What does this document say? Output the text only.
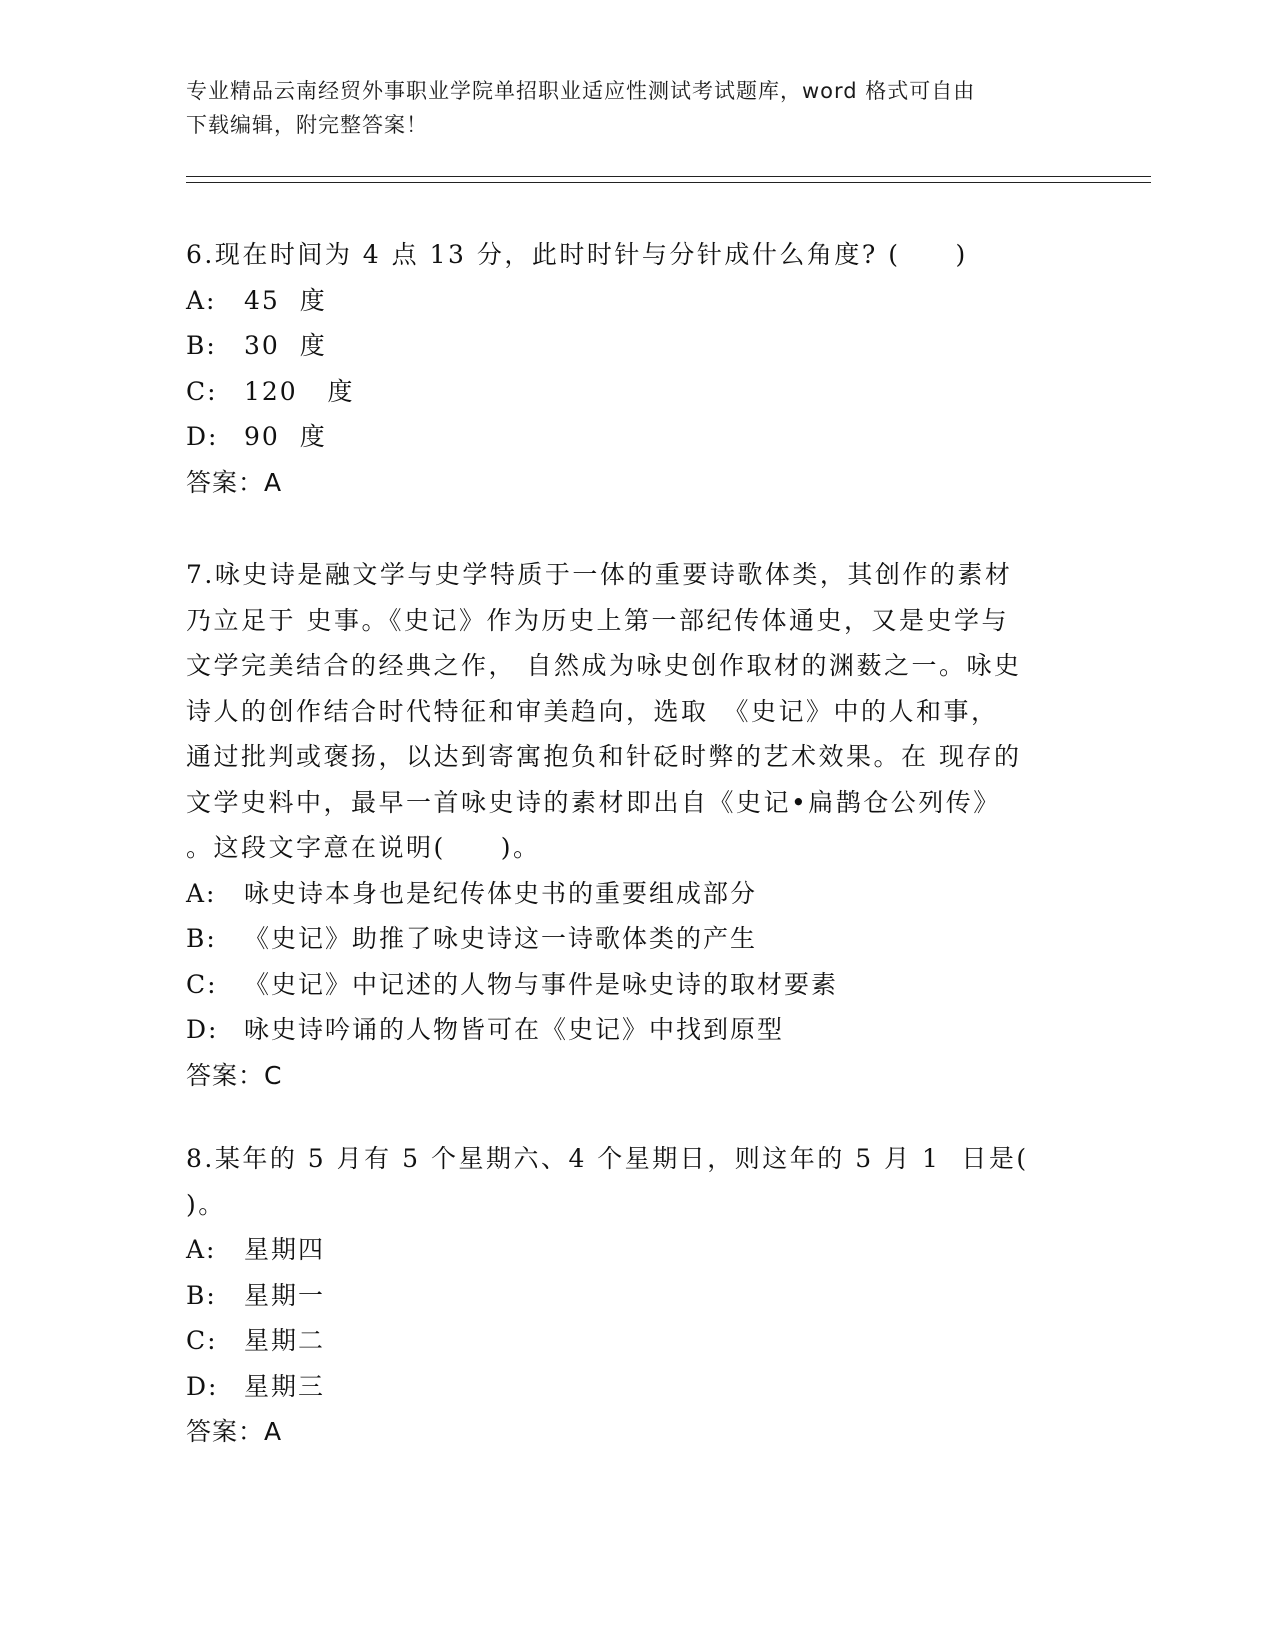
专业精品云南经贸外事职业学院单招职业适应性测试考试题库，word 格式可自由
下载编辑，附完整答案！

6.现在时间为 4 点 13 分，此时时针与分针成什么角度? (　　)

A:	45  度
B:	30  度
C:	120   度
D:	90  度

答案：A

7.咏史诗是融文学与史学特质于一体的重要诗歌体类，其创作的素材

乃立足于 史事。《史记》作为历史上第一部纪传体通史，又是史学与

文学完美结合的经典之作， 自然成为咏史创作取材的渊薮之一。咏史

诗人的创作结合时代特征和审美趋向，选取　《史记》中的人和事，

通过批判或褒扬，以达到寄寓抱负和针砭时弊的艺术效果。在 现存的

文学史料中，最早一首咏史诗的素材即出自《史记•扁鹊仓公列传》

。这段文字意在说明(　　)。

A:	咏史诗本身也是纪传体史书的重要组成部分
B:	《史记》助推了咏史诗这一诗歌体类的产生
C:	《史记》中记述的人物与事件是咏史诗的取材要素
D:	咏史诗吟诵的人物皆可在《史记》中找到原型

答案：C

8.某年的 5 月有 5 个星期六、4 个星期日，则这年的 5 月 1  日是(

)。

A:	星期四
B:	星期一
C:	星期二
D:	星期三

答案：A
